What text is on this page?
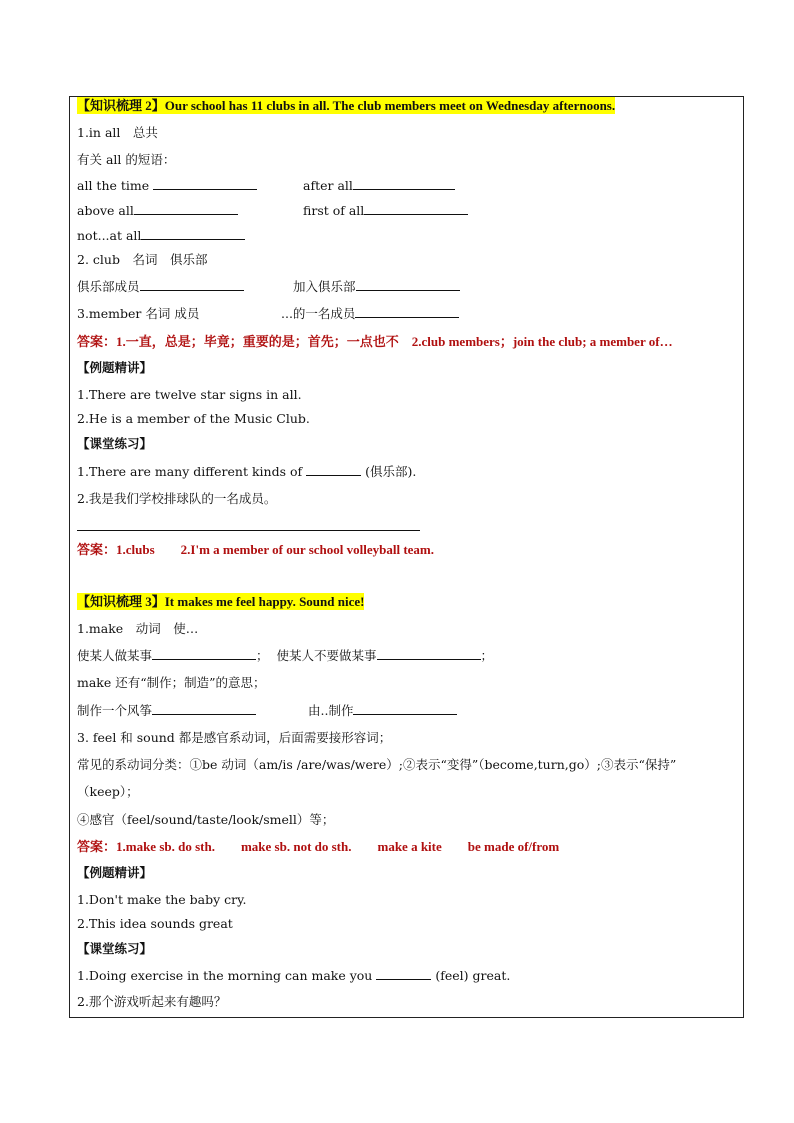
【知识梳理 2】Our school has 11 clubs in all. The club members meet on Wednesday afternoons.
1.in all　总共
有关 all 的短语：
all the time	after all
above all	first of all
not...at all
2. club　名词　俱乐部
俱乐部成员	加入俱乐部
3.member 名词 成员	...的一名成员
答案：1.一直，总是；毕竟；重要的是；首先；一点也不　2.club members；join the club; a member of…
【例题精讲】
1.There are twelve star signs in all.
2.He is a member of the Music Club.
【课堂练习】
1.There are many different kinds of	(俱乐部).
2.我是我们学校排球队的一名成员。
答案：1.clubs　　2.I'm a member of our school volleyball team.
【知识梳理 3】It makes me feel happy. Sound nice!
1.make　动词　使…
使某人做某事	； 使某人不要做某事	；
make 还有“制作；制造”的意思；
制作一个风筝	由..制作
3. feel 和 sound 都是感官系动词，后面需要接形容词；
常见的系动词分类：①be 动词（am/is /are/was/were）;②表示“变得”（become,turn,go）;③表示“保持”
（keep）；
④感官（feel/sound/taste/look/smell）等；
答案：1.make sb. do sth.　　make sb. not do sth.　　make a kite　　be made of/from
【例题精讲】
1.Don't make the baby cry.
2.This idea sounds great
【课堂练习】
1.Doing exercise in the morning can make you	(feel) great.
2.那个游戏听起来有趣吗？
